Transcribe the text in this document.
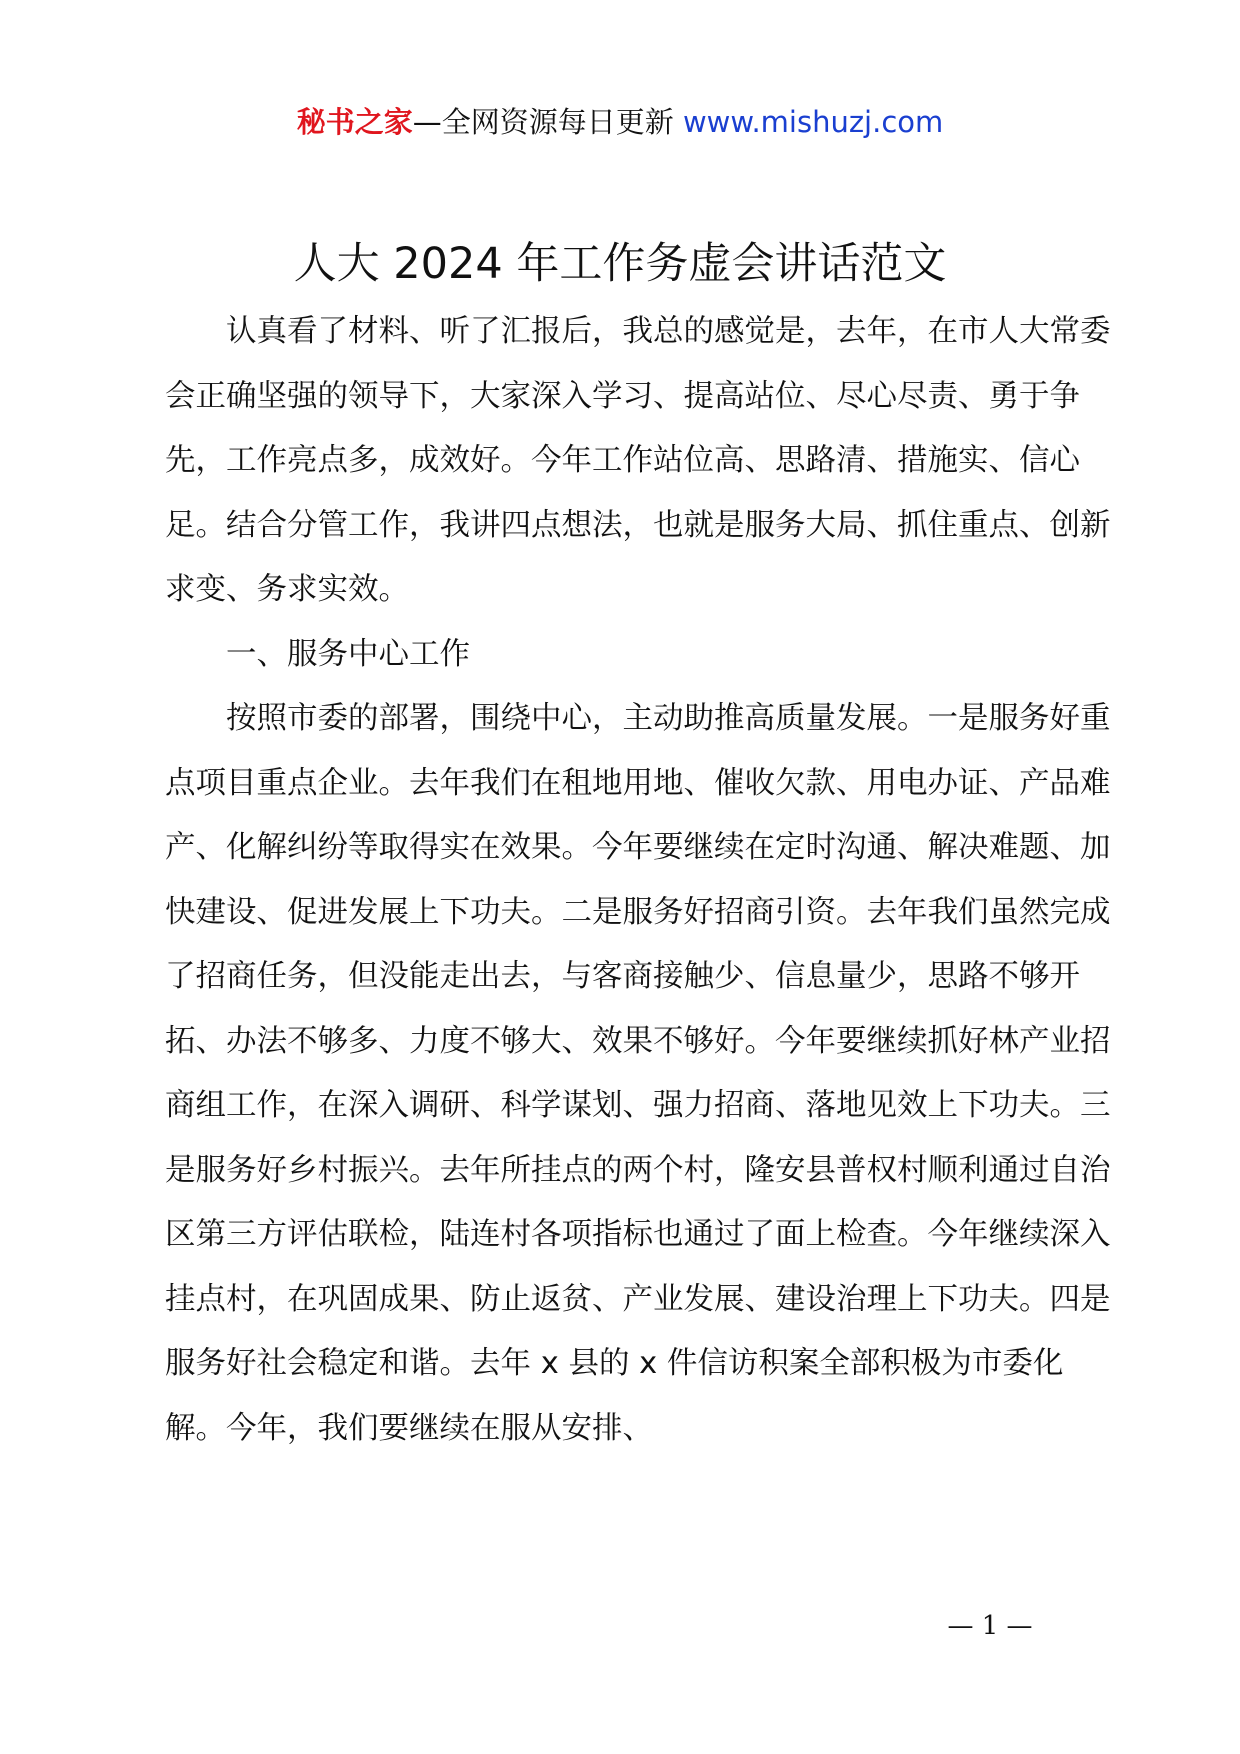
秘书之家—全网资源每日更新 www.mishuzj.com
人大 2024 年工作务虚会讲话范文

认真看了材料、听了汇报后，我总的感觉是，去年，在市人大常委会正确坚强的领导下，大家深入学习、提高站位、尽心尽责、勇于争先，工作亮点多，成效好。今年工作站位高、思路清、措施实、信心足。结合分管工作，我讲四点想法，也就是服务大局、抓住重点、创新求变、务求实效。

一、服务中心工作

按照市委的部署，围绕中心，主动助推高质量发展。一是服务好重点项目重点企业。去年我们在租地用地、催收欠款、用电办证、产品难产、化解纠纷等取得实在效果。今年要继续在定时沟通、解决难题、加快建设、促进发展上下功夫。二是服务好招商引资。去年我们虽然完成了招商任务，但没能走出去，与客商接触少、信息量少，思路不够开拓、办法不够多、力度不够大、效果不够好。今年要继续抓好林产业招商组工作，在深入调研、科学谋划、强力招商、落地见效上下功夫。三是服务好乡村振兴。去年所挂点的两个村，隆安县普权村顺利通过自治区第三方评估联检，陆连村各项指标也通过了面上检查。今年继续深入挂点村，在巩固成果、防止返贫、产业发展、建设治理上下功夫。四是服务好社会稳定和谐。去年 x 县的 x 件信访积案全部积极为市委化解。今年，我们要继续在服从安排、

— 1 —
